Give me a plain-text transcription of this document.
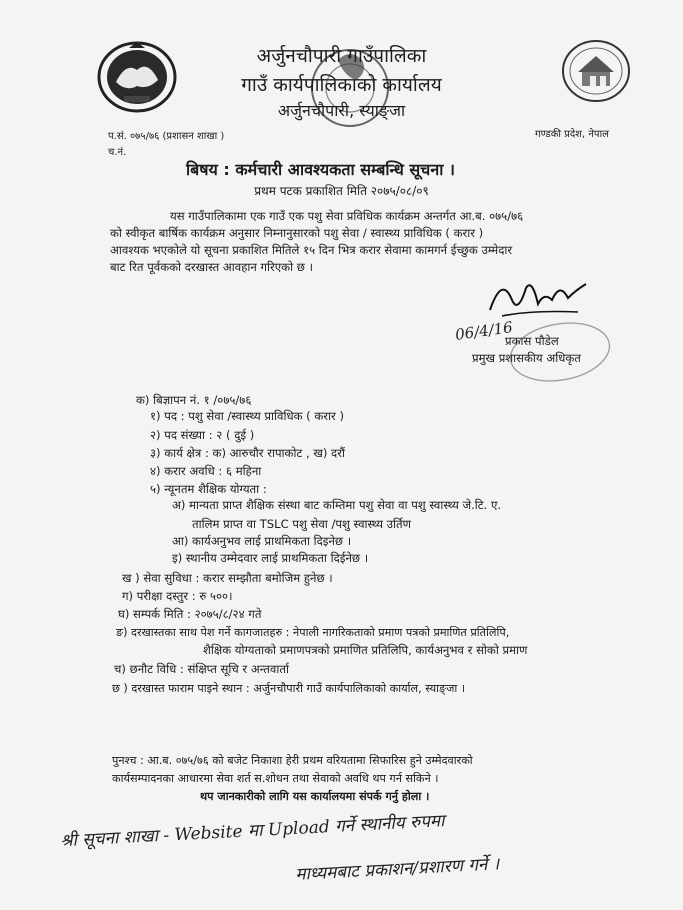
अर्जुनचौपारी गाउँपालिका
गाउँ कार्यपालिकाको कार्यालय
अर्जुनचौपारी, स्याङ्जा
प.सं. ०७५/७६ (प्रशासन शाखा )
च.नं.
गण्डकी प्रदेश, नेपाल
बिषय : कर्मचारी आवश्यकता सम्बन्धि सूचना ।
प्रथम पटक प्रकाशित मिति २०७५/०८/०९
यस गाउँपालिकामा एक गाउँ एक पशु सेवा प्रविधिक कार्यक्रम अन्तर्गत आ.ब. ०७५/७६
को स्वीकृत बार्षिक कार्यक्रम अनुसार निम्नानुसारको पशु सेवा / स्वास्थ्य प्राविधिक ( करार )
आवश्यक भएकोले यो सूचना प्रकाशित मितिले १५ दिन भित्र करार सेवामा कामगर्न ईच्छुक उम्मेदार
बाट रित पूर्वकको दरखास्त आवहान गरिएको छ ।
06/4/16
प्रकास पौडेल
प्रमुख प्रशासकीय अधिकृत
क) बिज्ञापन नं. १ /०७५/७६
१) पद : पशु सेवा /स्वास्थ्य प्राविधिक ( करार )
२) पद संख्या : २ ( दुई )
३) कार्य क्षेत्र : क) आरुचौर रापाकोट , ख) दरौं
४) करार अवधि : ६ महिना
५) न्यूनतम शैक्षिक योग्यता :
अ) मान्यता प्राप्त शैक्षिक संस्था बाट कम्तिमा पशु सेवा वा पशु स्वास्थ्य जे.टि. ए.
तालिम प्राप्त वा TSLC पशु सेवा /पशु स्वास्थ्य उर्तिण
आ) कार्यअनुभव लाई प्राथमिकता दिइनेछ ।
इ) स्थानीय उम्मेदवार लाई प्राथमिकता दिईनेछ ।
ख ) सेवा सुविधा : करार सम्झौता बमोजिम हुनेछ ।
ग) परीक्षा दस्तुर : रु ५००।
घ) सम्पर्क मिति : २०७५/८/२४ गते
ङ) दरखास्तका साथ पेश गर्ने कागजातहरु : नेपाली नागरिकताको प्रमाण पत्रको प्रमाणित प्रतिलिपि,
शैक्षिक योग्यताको प्रमाणपत्रको प्रमाणित प्रतिलिपि, कार्यअनुभव र सोको प्रमाण
च) छनौट विधि : संक्षिप्त सूचि र अन्तवार्ता
छ ) दरखास्त फाराम पाइने स्थान : अर्जुनचौपारी गाउँ कार्यपालिकाको कार्याल, स्याङ्जा ।
पुनश्च : आ.ब. ०७५/७६ को बजेट निकाशा हेरी प्रथम वरियतामा सिफारिस हुने उम्मेदवारको
कार्यसम्पादनका आधारमा सेवा शर्त स.शोधन तथा सेवाको अवधि थप गर्न सकिने ।
थप जानकारीको लागि यस कार्यालयमा संपर्क गर्नु होला ।
श्री सूचना शाखा - Website मा Upload गर्ने स्थानीय रुपमा
माध्यमबाट प्रकाशन/प्रशारण गर्ने ।
